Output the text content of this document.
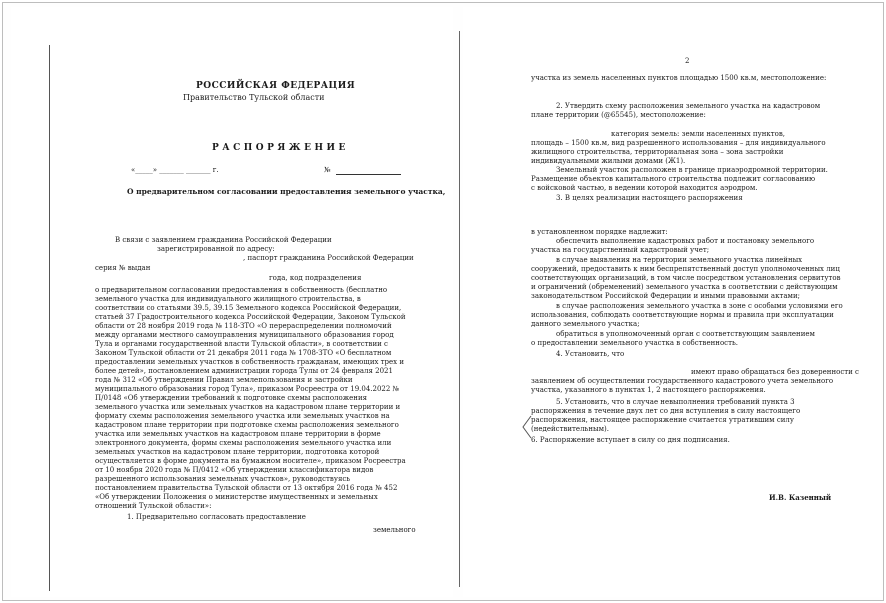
РОССИЙСКАЯ ФЕДЕРАЦИЯ
Правительство Тульской области
РАСПОРЯЖЕНИЕ
«_____» _______ _______ г.	№
О предварительном согласовании предоставления земельного участка,
В связи с заявлением гражданина Российской Федерации
зарегистрированной по адресу:
, паспорт гражданина Российской Федерации
серия № выдан
года, код подразделения
о предварительном согласовании предоставления в собственность (бесплатно
земельного участка для индивидуального жилищного строительства, в
соответствии со статьями 39.5, 39.15 Земельного кодекса Российской Федерации,
статьей 37 Градостроительного кодекса Российской Федерации, Законом Тульской
области от 28 ноября 2019 года № 118-ЗТО «О перераспределении полномочий
между органами местного самоуправления муниципального образования город
Тула и органами государственной власти Тульской области», в соответствии с
Законом Тульской области от 21 декабря 2011 года № 1708-ЗТО «О бесплатном
предоставлении земельных участков в собственность гражданам, имеющих трех и
более детей», постановлением администрации города Тулы от 24 февраля 2021
года № 312 «Об утверждении Правил землепользования и застройки
муниципального образования город Тула», приказом Росреестра от 19.04.2022 №
П/0148 «Об утверждении требований к подготовке схемы расположения
земельного участка или земельных участков на кадастровом плане территории и
формату схемы расположения земельного участка или земельных участков на
кадастровом плане территории при подготовке схемы расположения земельного
участка или земельных участков на кадастровом плане территории в форме
электронного документа, формы схемы расположения земельного участка или
земельных участков на кадастровом плане территории, подготовка которой
осуществляется в форме документа на бумажном носителе», приказом Росреестра
от 10 ноября 2020 года № П/0412 «Об утверждении классификатора видов
разрешенного использования земельных участков», руководствуясь
постановлением правительства Тульской области от 13 октября 2016 года № 452
«Об утверждении Положения о министерстве имущественных и земельных
отношений Тульской области»:
1. Предварительно согласовать предоставление
земельного
2
участка из земель населенных пунктов площадью 1500 кв.м, местоположение:
2. Утвердить схему расположения земельного участка на кадастровом
плане территории (@65545), местоположение:
категория земель: земли населенных пунктов,
площадь – 1500 кв.м, вид разрешенного использования – для индивидуального
жилищного строительства, территориальная зона – зона застройки
индивидуальными жилыми домами (Ж1).
Земельный участок расположен в границе приаэродромной территории.
Размещение объектов капитального строительства подлежит согласованию
с войсковой частью, в ведении которой находится аэродром.
3. В целях реализации настоящего распоряжения
в установленном порядке надлежит:
обеспечить выполнение кадастровых работ и постановку земельного
участка на государственный кадастровый учет;
в случае выявления на территории земельного участка линейных
сооружений, предоставить к ним беспрепятственный доступ уполномоченных лиц
соответствующих организаций, в том числе посредством установления сервитутов
и ограничений (обременений) земельного участка в соответствии с действующим
законодательством Российской Федерации и иными правовыми актами;
в случае расположения земельного участка в зоне с особыми условиями его
использования, соблюдать соответствующие нормы и правила при эксплуатации
данного земельного участка;
обратиться в уполномоченный орган с соответствующим заявлением
о предоставлении земельного участка в собственность.
4. Установить, что
имеют право обращаться без доверенности с
заявлением об осуществлении государственного кадастрового учета земельного
участка, указанного в пунктах 1, 2 настоящего распоряжения.
5. Установить, что в случае невыполнения требований пункта 3
распоряжения в течение двух лет со дня вступления в силу настоящего
распоряжения, настоящее распоряжение считается утратившим силу
(недействительным).
6. Распоряжение вступает в силу со дня подписания.
И.В. Казенный
